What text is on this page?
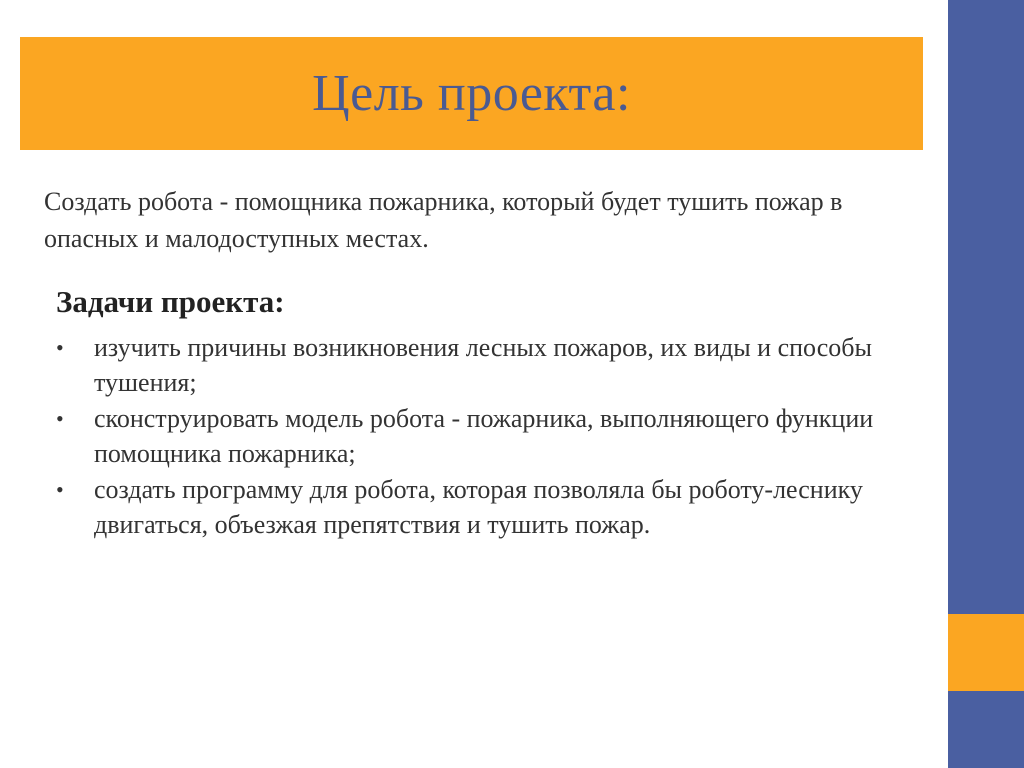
Цель проекта:
Создать робота - помощника пожарника, который будет тушить пожар в опасных и малодоступных местах.
Задачи проекта:
• изучить причины возникновения лесных пожаров, их виды и способы тушения;
• сконструировать модель робота - пожарника, выполняющего функции помощника пожарника;
• создать программу для робота, которая позволяла бы роботу-леснику двигаться, объезжая препятствия и тушить пожар.
